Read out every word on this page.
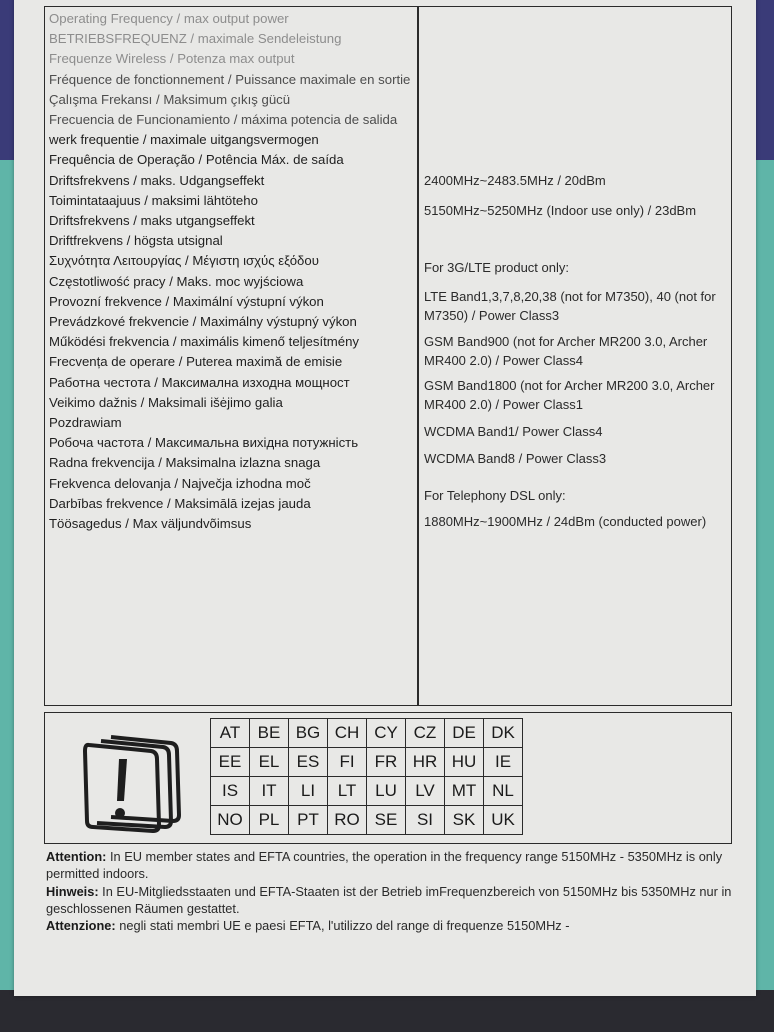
Operating Frequency / max output power
BETRIEBSFREQUENZ / maximale Sendeleistung
Frequenze Wireless / Potenza max output
Fréquence de fonctionnement / Puissance maximale en sortie
Çalışma Frekansı / Maksimum çıkış gücü
Frecuencia de Funcionamiento / máxima potencia de salida
werk frequentie / maximale uitgangsvermogen
Frequência de Operação / Potência Máx. de saída
Driftsfrekvens / maks. Udgangseffekt
Toimintataajuus / maksimi lähtöteho
Driftsfrekvens / maks utgangseffekt
Driftfrekvens / högsta utsignal
Συχνότητα Λειτουργίας / Μέγιστη ισχύς εξόδου
Częstotliwość pracy / Maks. moc wyjściowa
Provozní frekvence / Maximální výstupní výkon
Prevádzkové frekvencie / Maximálny výstupný výkon
Működési frekvencia / maximális kimenő teljesítmény
Frecvența de operare / Puterea maximă de emisie
Работна честота / Максимална изходна мощност
Veikimo dažnis / Maksimali išėjimo galia
Pozdrawiam
Робоча частота / Максимальна вихідна потужність
Radna frekvencija / Maksimalna izlazna snaga
Frekvenca delovanja / Največja izhodna moč
Darbības frekvence / Maksimālā izejas jauda
Töösagedus / Max väljundvõimsus
2400MHz~2483.5MHz / 20dBm
5150MHz~5250MHz (Indoor use only) / 23dBm
For 3G/LTE product only:
LTE Band1,3,7,8,20,38 (not for M7350), 40 (not for M7350) / Power Class3
GSM Band900 (not for Archer MR200 3.0, Archer MR400 2.0) / Power Class4
GSM Band1800 (not for Archer MR200 3.0, Archer MR400 2.0) / Power Class1
WCDMA Band1/ Power Class4
WCDMA Band8 / Power Class3
For Telephony DSL only:
1880MHz~1900MHz / 24dBm (conducted power)
AT	BE	BG	CH	CY	CZ	DE	DK
EE	EL	ES	FI	FR	HR	HU	IE
IS	IT	LI	LT	LU	LV	MT	NL
NO	PL	PT	RO	SE	SI	SK	UK

Attention: In EU member states and EFTA countries, the operation in the frequency range 5150MHz - 5350MHz is only permitted indoors.

Hinweis: In EU-Mitgliedsstaaten und EFTA-Staaten ist der Betrieb imFrequenzbereich von 5150MHz bis 5350MHz nur in geschlossenen Räumen gestattet.

Attenzione: negli stati membri UE e paesi EFTA, l'utilizzo del range di frequenze 5150MHz -
